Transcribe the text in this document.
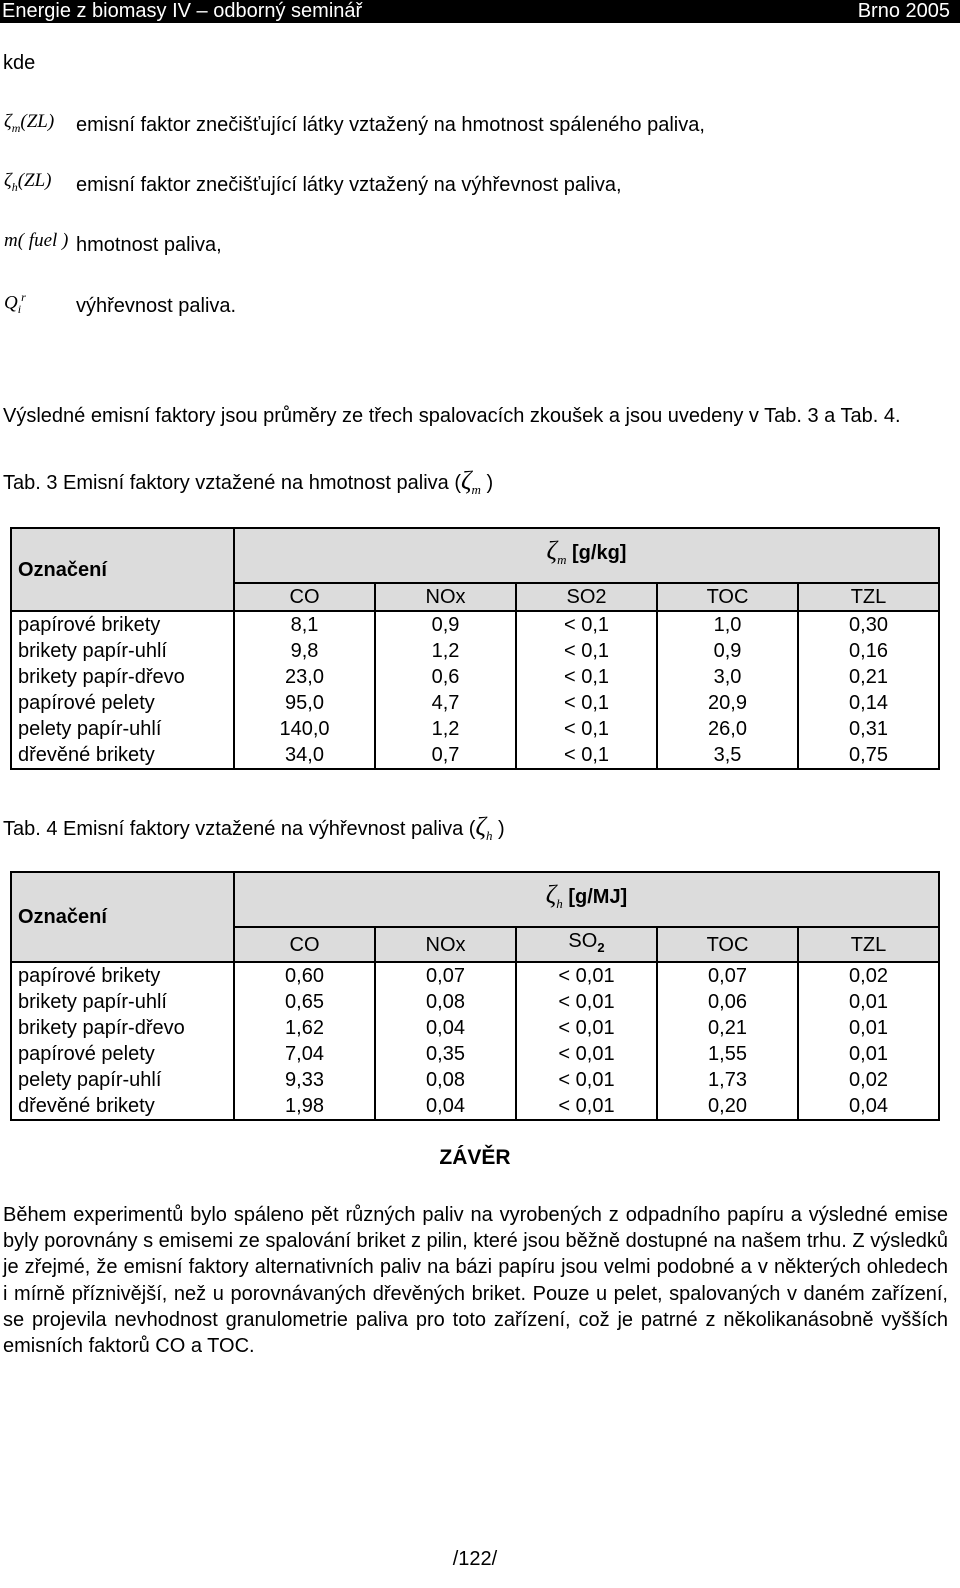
Energie z biomasy IV – odborný seminář	Brno 2005
kde
$\zeta_m(ZL)$ emisní faktor znečišťující látky vztažený na hmotnost spáleného paliva,
$\zeta_h(ZL)$ emisní faktor znečišťující látky vztažený na výhřevnost paliva,
m( fuel ) hmotnost paliva,
$Q_i^r$	výhřevnost paliva.
Výsledné emisní faktory jsou průměry ze třech spalovacích zkoušek a jsou uvedeny v Tab. 3 a Tab. 4.
Tab. 3 Emisní faktory vztažené na hmotnost paliva ($\zeta_m$ )
Označení	$\zeta_m$ [g/kg]				
	CO	NOx	SO2	TOC	TZL
papírové brikety	8,1	0,9	< 0,1	1,0	0,30
brikety papír-uhlí	9,8	1,2	< 0,1	0,9	0,16
brikety papír-dřevo	23,0	0,6	< 0,1	3,0	0,21
papírové pelety	95,0	4,7	< 0,1	20,9	0,14
pelety papír-uhlí	140,0	1,2	< 0,1	26,0	0,31
dřevěné brikety	34,0	0,7	< 0,1	3,5	0,75
Tab. 4 Emisní faktory vztažené na výhřevnost paliva ($\zeta_h$ )
Označení	$\zeta_h$ [g/MJ]				
	CO	NOx	$SO_2$	TOC	TZL
papírové brikety	0,60	0,07	< 0,01	0,07	0,02
brikety papír-uhlí	0,65	0,08	< 0,01	0,06	0,01
brikety papír-dřevo	1,62	0,04	< 0,01	0,21	0,01
papírové pelety	7,04	0,35	< 0,01	1,55	0,01
pelety papír-uhlí	9,33	0,08	< 0,01	1,73	0,02
dřevěné brikety	1,98	0,04	< 0,01	0,20	0,04
ZÁVĚR
Během experimentů bylo spáleno pět různých paliv na vyrobených z odpadního papíru a výsledné emise byly porovnány s emisemi ze spalování briket z pilin, které jsou běžně dostupné na našem trhu. Z výsledků je zřejmé, že emisní faktory alternativních paliv na bázi papíru jsou velmi podobné a v některých ohledech i mírně příznivější, než u porovnávaných dřevěných briket. Pouze u pelet, spalovaných v daném zařízení, se projevila nevhodnost granulometrie paliva pro toto zařízení, což je patrné z několikanásobně vyšších emisních faktorů CO a TOC.
/122/
